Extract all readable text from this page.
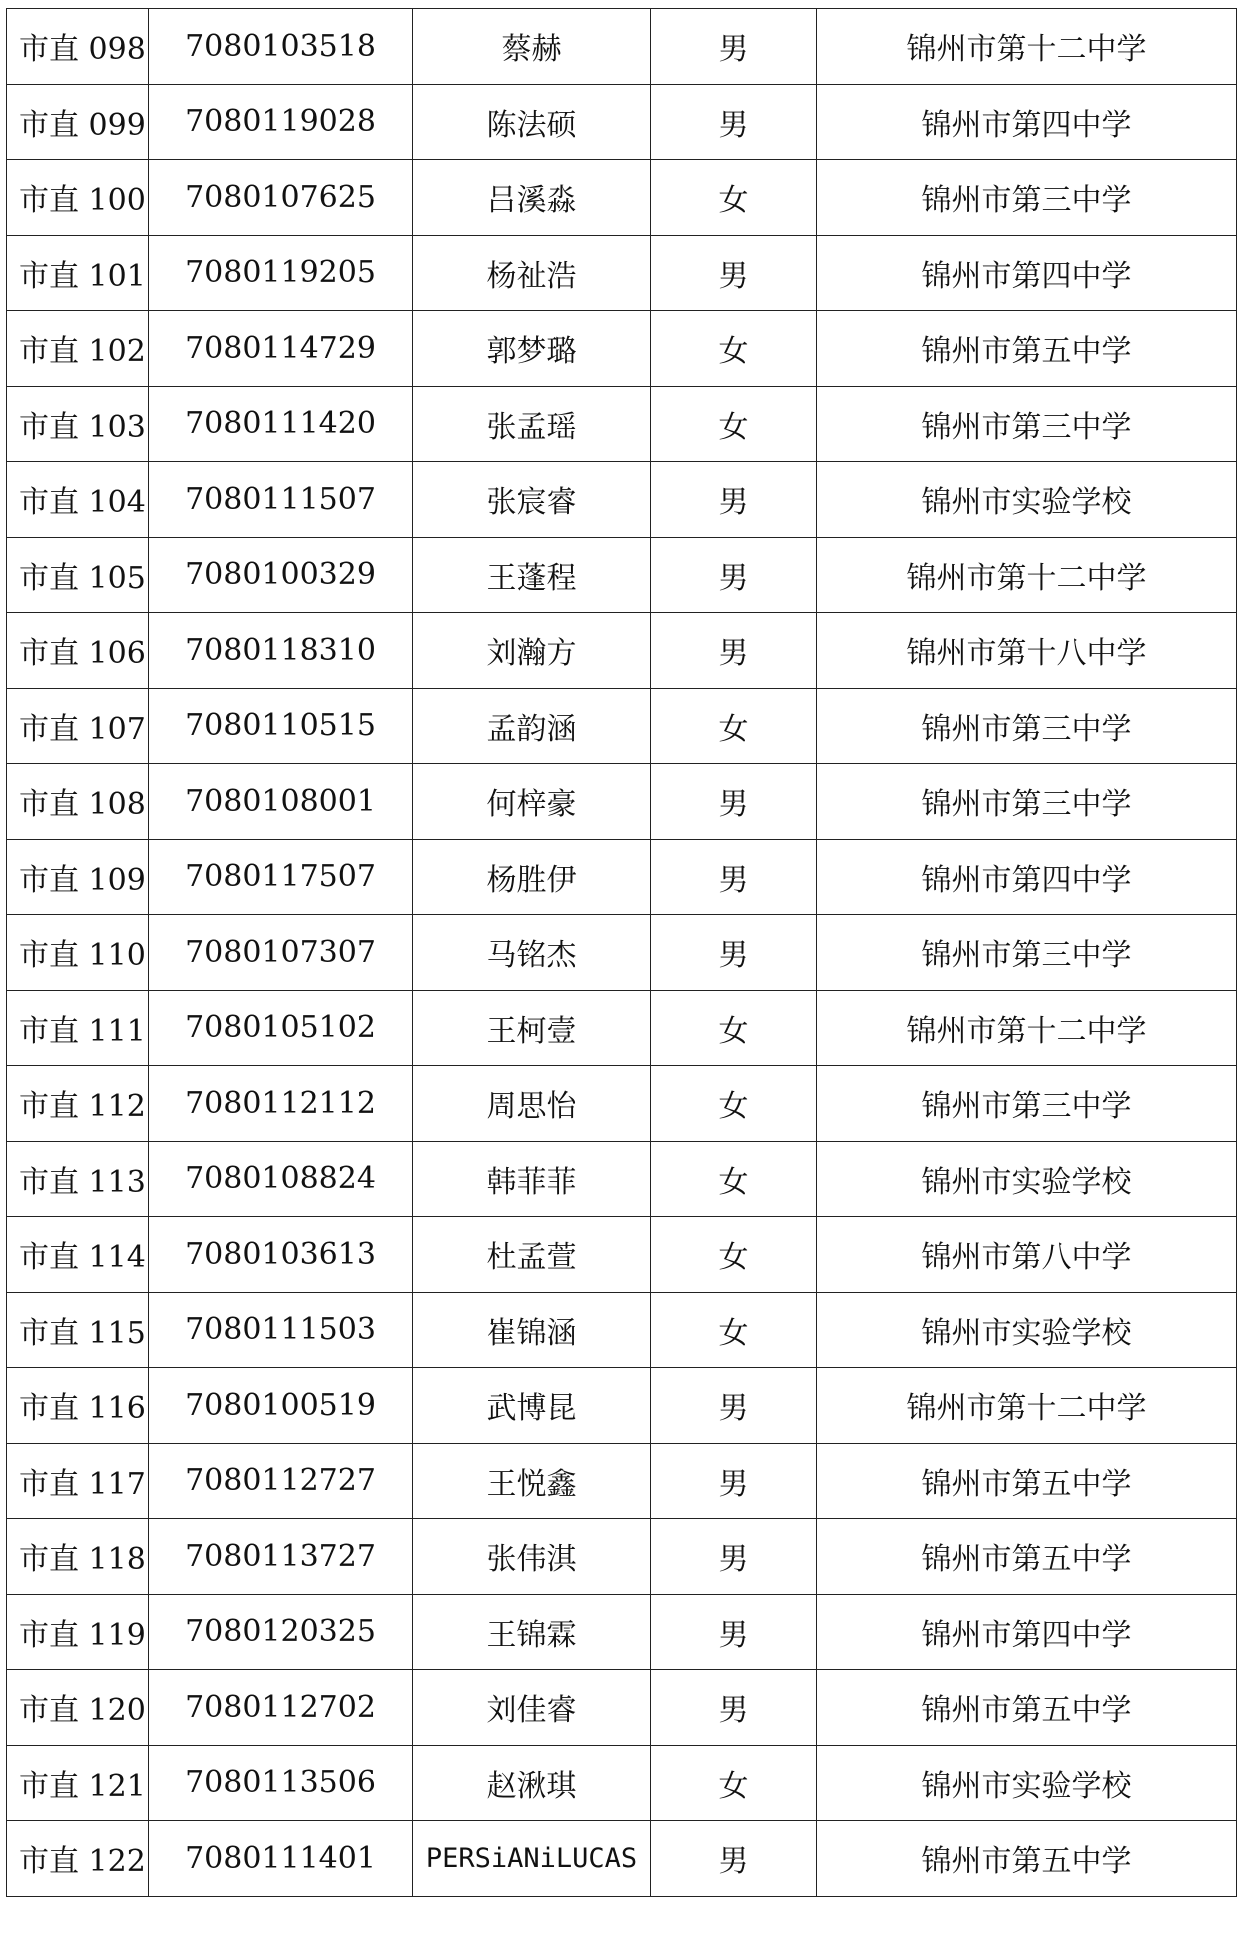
市直 098	7080103518	蔡赫	男	锦州市第十二中学
市直 099	7080119028	陈法硕	男	锦州市第四中学
市直 100	7080107625	吕溪淼	女	锦州市第三中学
市直 101	7080119205	杨祉浩	男	锦州市第四中学
市直 102	7080114729	郭梦璐	女	锦州市第五中学
市直 103	7080111420	张孟瑶	女	锦州市第三中学
市直 104	7080111507	张宸睿	男	锦州市实验学校
市直 105	7080100329	王蓬程	男	锦州市第十二中学
市直 106	7080118310	刘瀚方	男	锦州市第十八中学
市直 107	7080110515	孟韵涵	女	锦州市第三中学
市直 108	7080108001	何梓豪	男	锦州市第三中学
市直 109	7080117507	杨胜伊	男	锦州市第四中学
市直 110	7080107307	马铭杰	男	锦州市第三中学
市直 111	7080105102	王柯壹	女	锦州市第十二中学
市直 112	7080112112	周思怡	女	锦州市第三中学
市直 113	7080108824	韩菲菲	女	锦州市实验学校
市直 114	7080103613	杜孟萱	女	锦州市第八中学
市直 115	7080111503	崔锦涵	女	锦州市实验学校
市直 116	7080100519	武博昆	男	锦州市第十二中学
市直 117	7080112727	王悦鑫	男	锦州市第五中学
市直 118	7080113727	张伟淇	男	锦州市第五中学
市直 119	7080120325	王锦霖	男	锦州市第四中学
市直 120	7080112702	刘佳睿	男	锦州市第五中学
市直 121	7080113506	赵湫琪	女	锦州市实验学校
市直 122	7080111401	PERSiANiLUCAS	男	锦州市第五中学
